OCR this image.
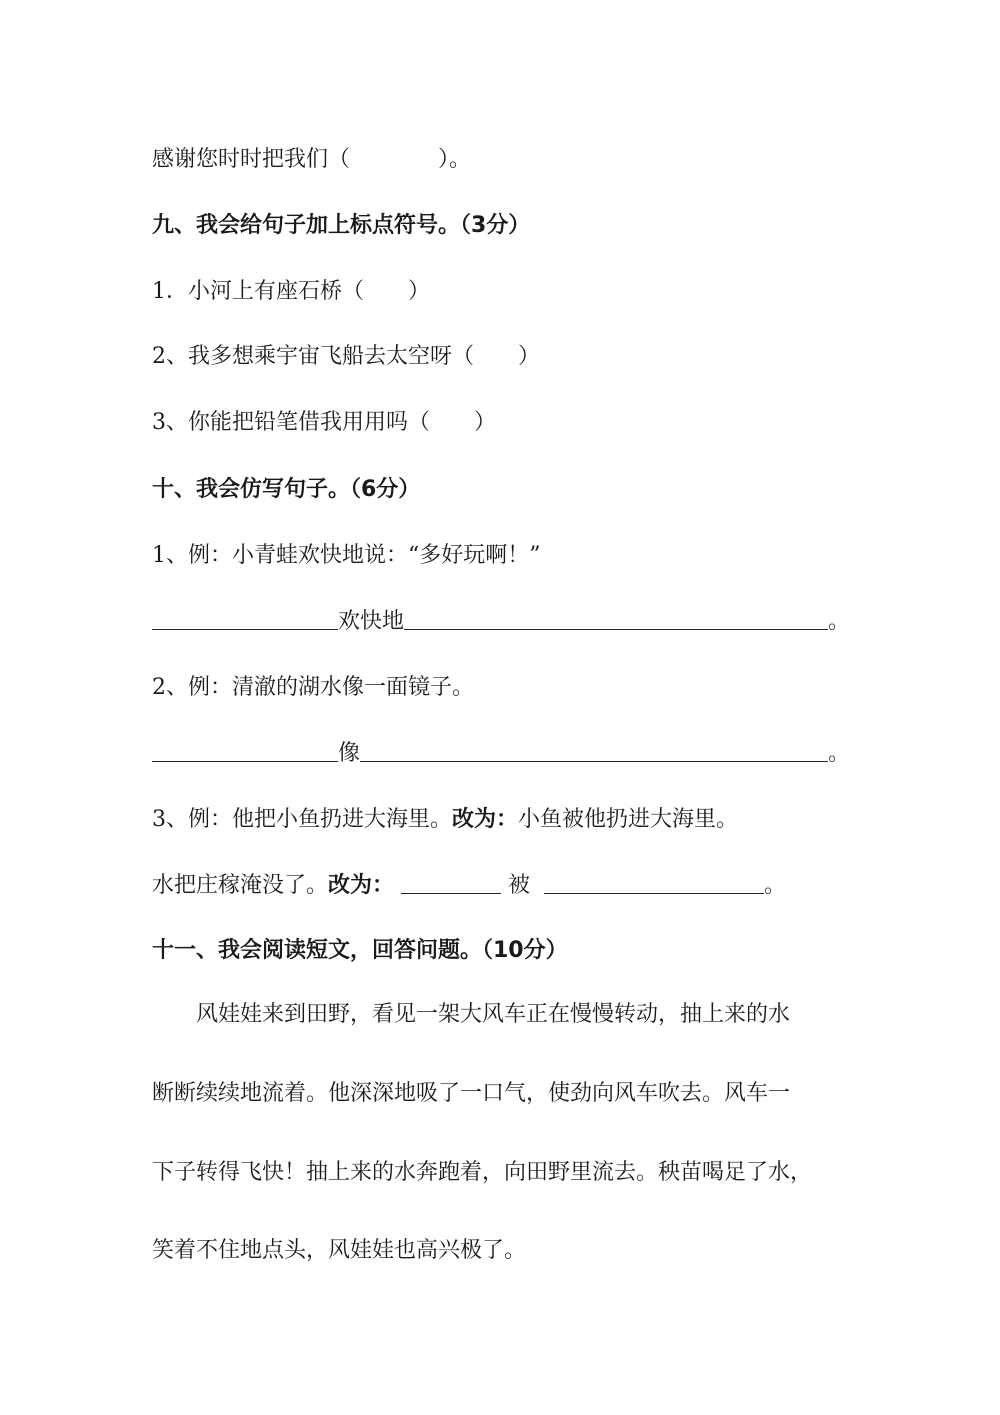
感谢您时时把我们（　　　　）。
九、我会给句子加上标点符号。（3分）
1．小河上有座石桥（　　）
2、我多想乘宇宙飞船去太空呀（　　）
3、你能把铅笔借我用用吗（　　）
十、我会仿写句子。（6分）
1、例：小青蛙欢快地说：“多好玩啊！”
欢快地	。
2、例：清澈的湖水像一面镜子。
像	。
3、例：他把小鱼扔进大海里。改为：小鱼被他扔进大海里。
水把庄稼淹没了。改为：	被	。
十一、我会阅读短文，回答问题。（10分）
风娃娃来到田野，看见一架大风车正在慢慢转动，抽上来的水
断断续续地流着。他深深地吸了一口气，使劲向风车吹去。风车一
下子转得飞快！抽上来的水奔跑着，向田野里流去。秧苗喝足了水，
笑着不住地点头，风娃娃也高兴极了。
